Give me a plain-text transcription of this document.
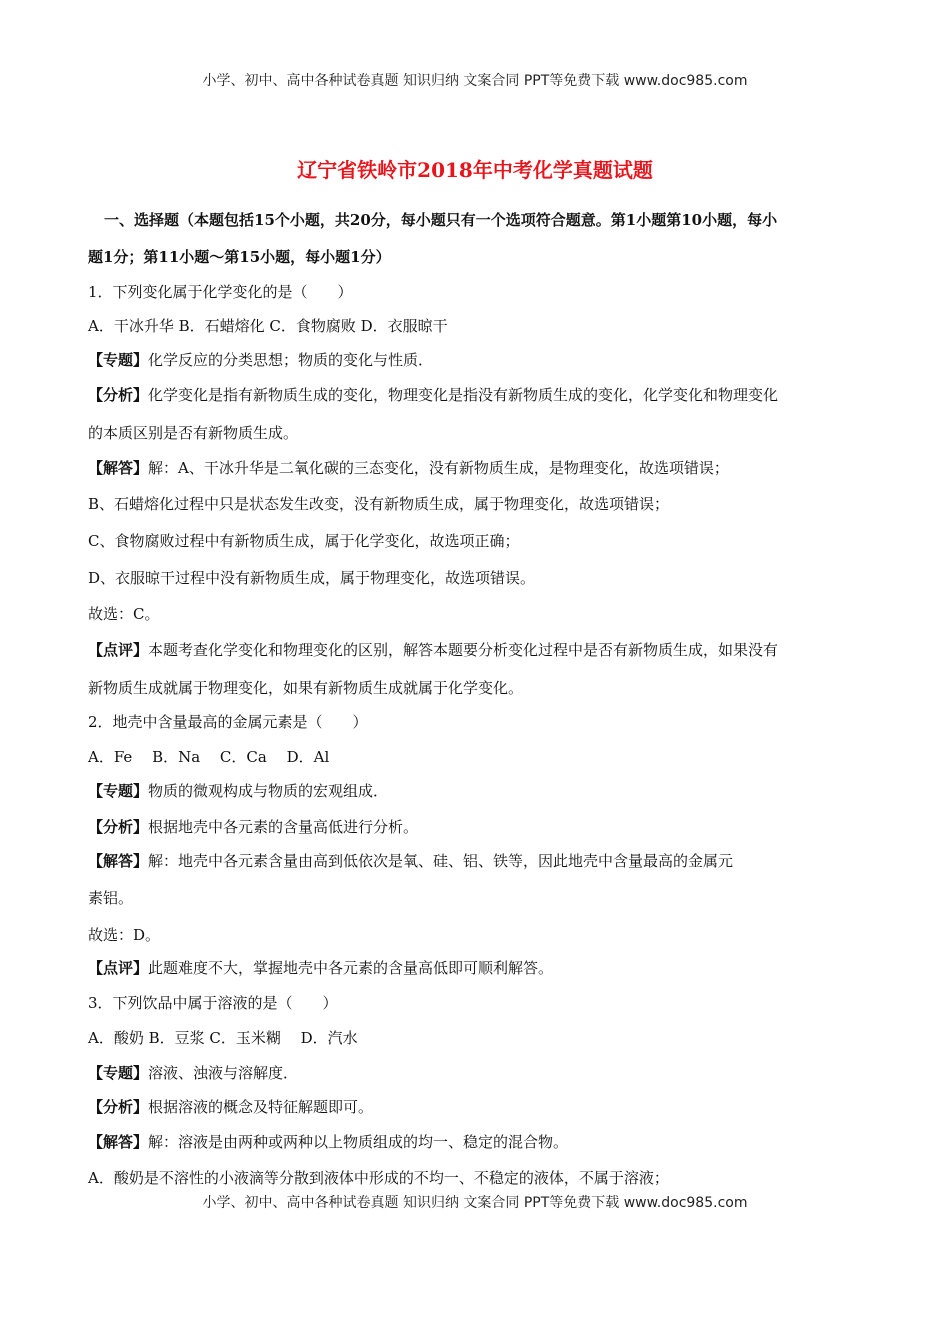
小学、初中、高中各种试卷真题 知识归纳 文案合同 PPT等免费下载 www.doc985.com
辽宁省铁岭市2018年中考化学真题试题
一、选择题（本题包括15个小题，共20分，每小题只有一个选项符合题意。第1小题第10小题，每小
题1分；第11小题～第15小题，每小题1分）
1．下列变化属于化学变化的是（　　）
A．干冰升华 B．石蜡熔化 C．食物腐败 D．衣服晾干
【专题】化学反应的分类思想；物质的变化与性质．
【分析】化学变化是指有新物质生成的变化，物理变化是指没有新物质生成的变化，化学变化和物理变化
的本质区别是否有新物质生成。
【解答】解：A、干冰升华是二氧化碳的三态变化，没有新物质生成，是物理变化，故选项错误；
B、石蜡熔化过程中只是状态发生改变，没有新物质生成，属于物理变化，故选项错误；
C、食物腐败过程中有新物质生成，属于化学变化，故选项正确；
D、衣服晾干过程中没有新物质生成，属于物理变化，故选项错误。
故选：C。
【点评】本题考查化学变化和物理变化的区别，解答本题要分析变化过程中是否有新物质生成，如果没有
新物质生成就属于物理变化，如果有新物质生成就属于化学变化。
2．地壳中含量最高的金属元素是（　　）
A．Fe　 B．Na　 C．Ca　 D．Al
【专题】物质的微观构成与物质的宏观组成．
【分析】根据地壳中各元素的含量高低进行分析。
【解答】解：地壳中各元素含量由高到低依次是氧、硅、铝、铁等，因此地壳中含量最高的金属元
素铝。
故选：D。
【点评】此题难度不大，掌握地壳中各元素的含量高低即可顺利解答。
3．下列饮品中属于溶液的是（　　）
A．酸奶 B．豆浆 C．玉米糊　 D．汽水
【专题】溶液、浊液与溶解度．
【分析】根据溶液的概念及特征解题即可。
【解答】解：溶液是由两种或两种以上物质组成的均一、稳定的混合物。
A．酸奶是不溶性的小液滴等分散到液体中形成的不均一、不稳定的液体，不属于溶液；
小学、初中、高中各种试卷真题 知识归纳 文案合同 PPT等免费下载 www.doc985.com
